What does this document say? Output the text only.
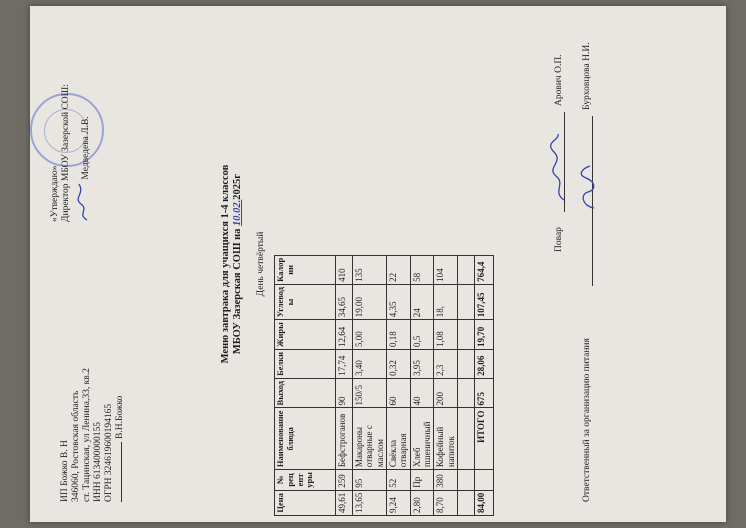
ИП Божко В. Н 346060, Ростовская область ст. Тацинская, ул Ленина,33, кв.2 ИНН 613400000155 ОГРН 324619600194165 В.Н.Божко
«Утверждаю» Директор МБОУ Зазерской СОШ:	Медведева Л.В.
Меню завтрака для учащихся 1-4 классов МБОУ Зазерская СОШ на 10.02.2025г
День четвёртый
Цена	№ рец епт уры	Наименование блюда	Выход	Белки	Жиры	Углевод ы	Калор ии
49,61	259	Бефстроганов	90	17,74	12,64	34,65	410
13,65	95	Макароны отварные с маслом	150/5	3,40	5,00	19,00	135
9,24	52	Свёкла отварная	60	0,32	0,18	4,35	22
2,80	Пр	Хлеб пшеничный	40	3,95	0,5	24	58
8,70	380	Кофейный напиток	200	2,3	1,08	18,	104

84,00		ИТОГО	675	28,06	19,70	107,45	764,4
Повар
Арович О.П.
Ответственный за организацию питания
Бурховцова Н.И.
